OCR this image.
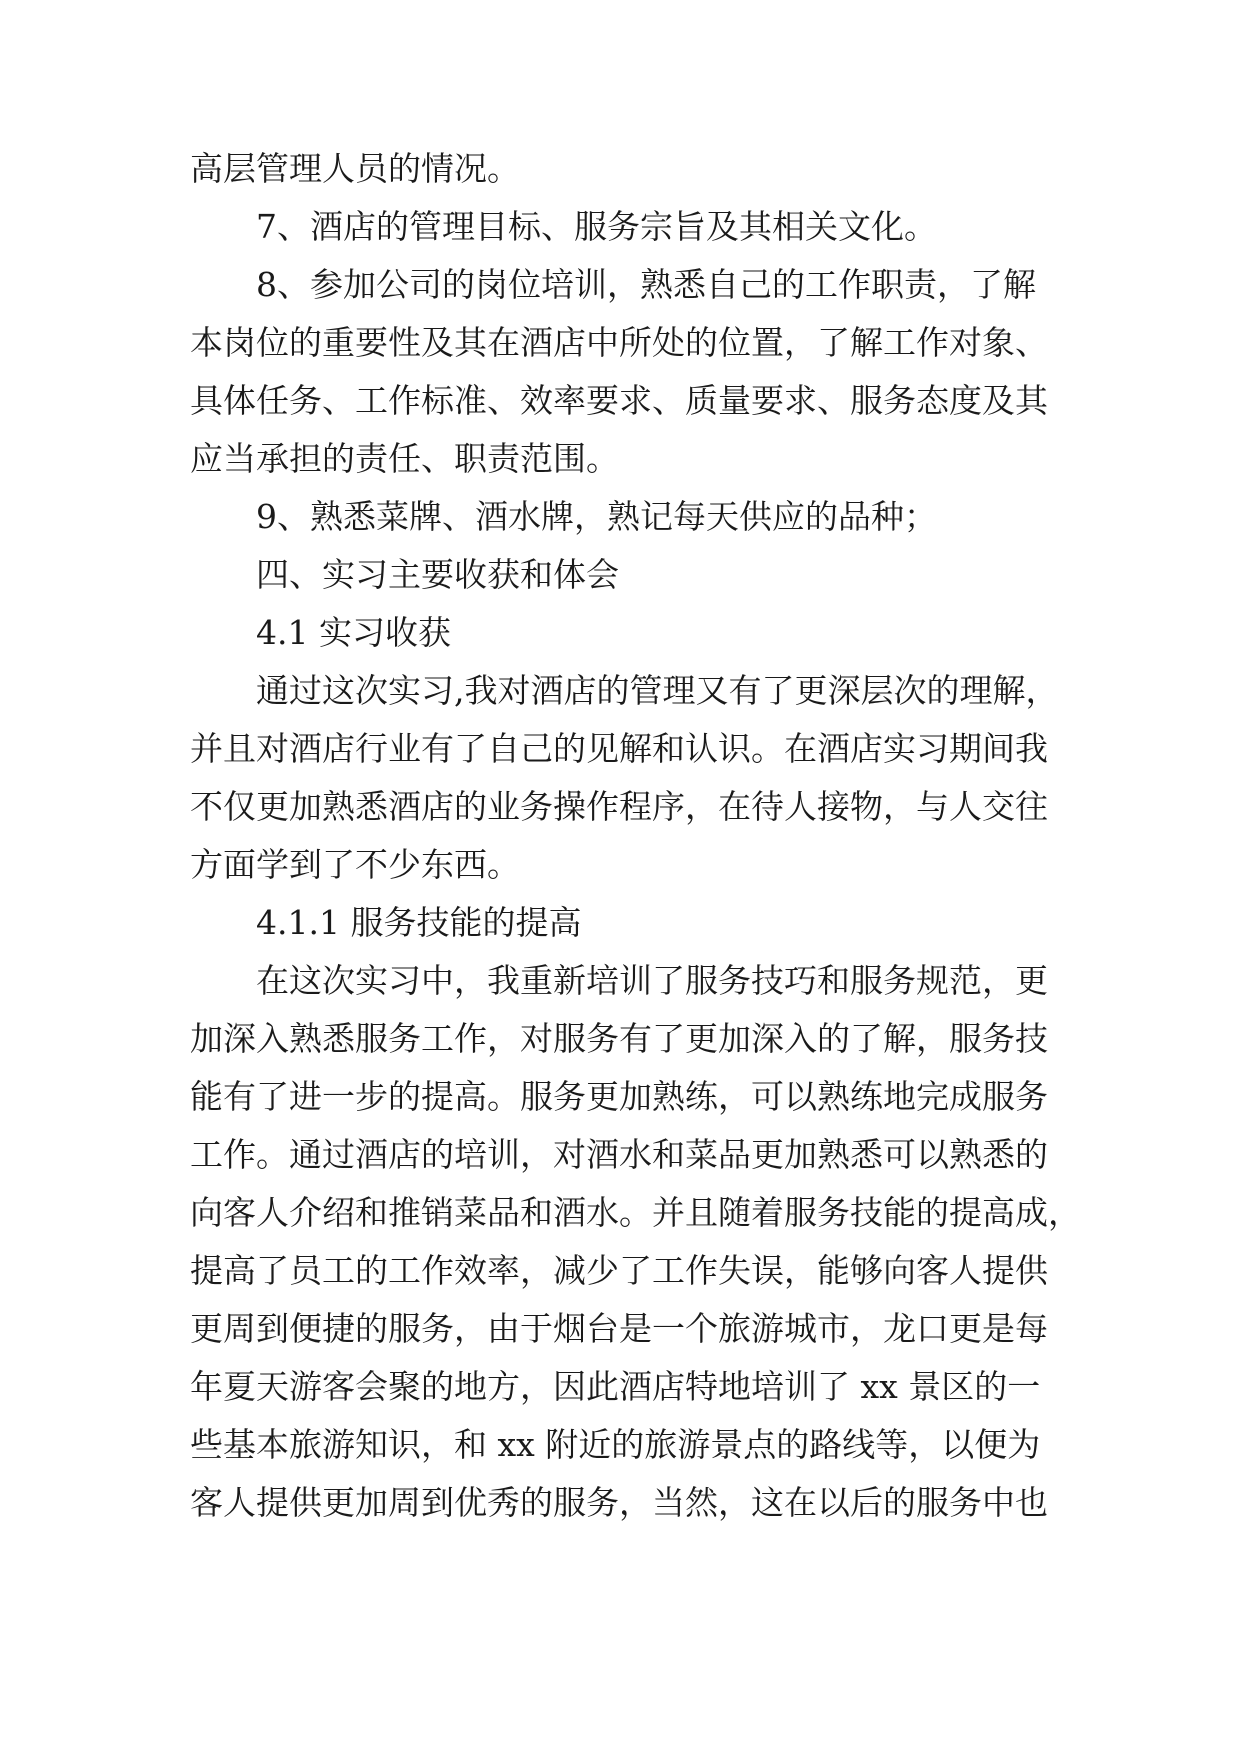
高层管理人员的情况。
7、酒店的管理目标、服务宗旨及其相关文化。
8、参加公司的岗位培训，熟悉自己的工作职责，了解
本岗位的重要性及其在酒店中所处的位置，了解工作对象、
具体任务、工作标准、效率要求、质量要求、服务态度及其
应当承担的责任、职责范围。
9、熟悉菜牌、酒水牌，熟记每天供应的品种；
四、实习主要收获和体会
4.1 实习收获
通过这次实习,我对酒店的管理又有了更深层次的理解，
并且对酒店行业有了自己的见解和认识。在酒店实习期间我
不仅更加熟悉酒店的业务操作程序，在待人接物，与人交往
方面学到了不少东西。
4.1.1 服务技能的提高
在这次实习中，我重新培训了服务技巧和服务规范，更
加深入熟悉服务工作，对服务有了更加深入的了解，服务技
能有了进一步的提高。服务更加熟练，可以熟练地完成服务
工作。通过酒店的培训，对酒水和菜品更加熟悉可以熟悉的
向客人介绍和推销菜品和酒水。并且随着服务技能的提高成，
提高了员工的工作效率，减少了工作失误，能够向客人提供
更周到便捷的服务，由于烟台是一个旅游城市，龙口更是每
年夏天游客会聚的地方，因此酒店特地培训了 xx 景区的一
些基本旅游知识，和 xx 附近的旅游景点的路线等，以便为
客人提供更加周到优秀的服务，当然，这在以后的服务中也
